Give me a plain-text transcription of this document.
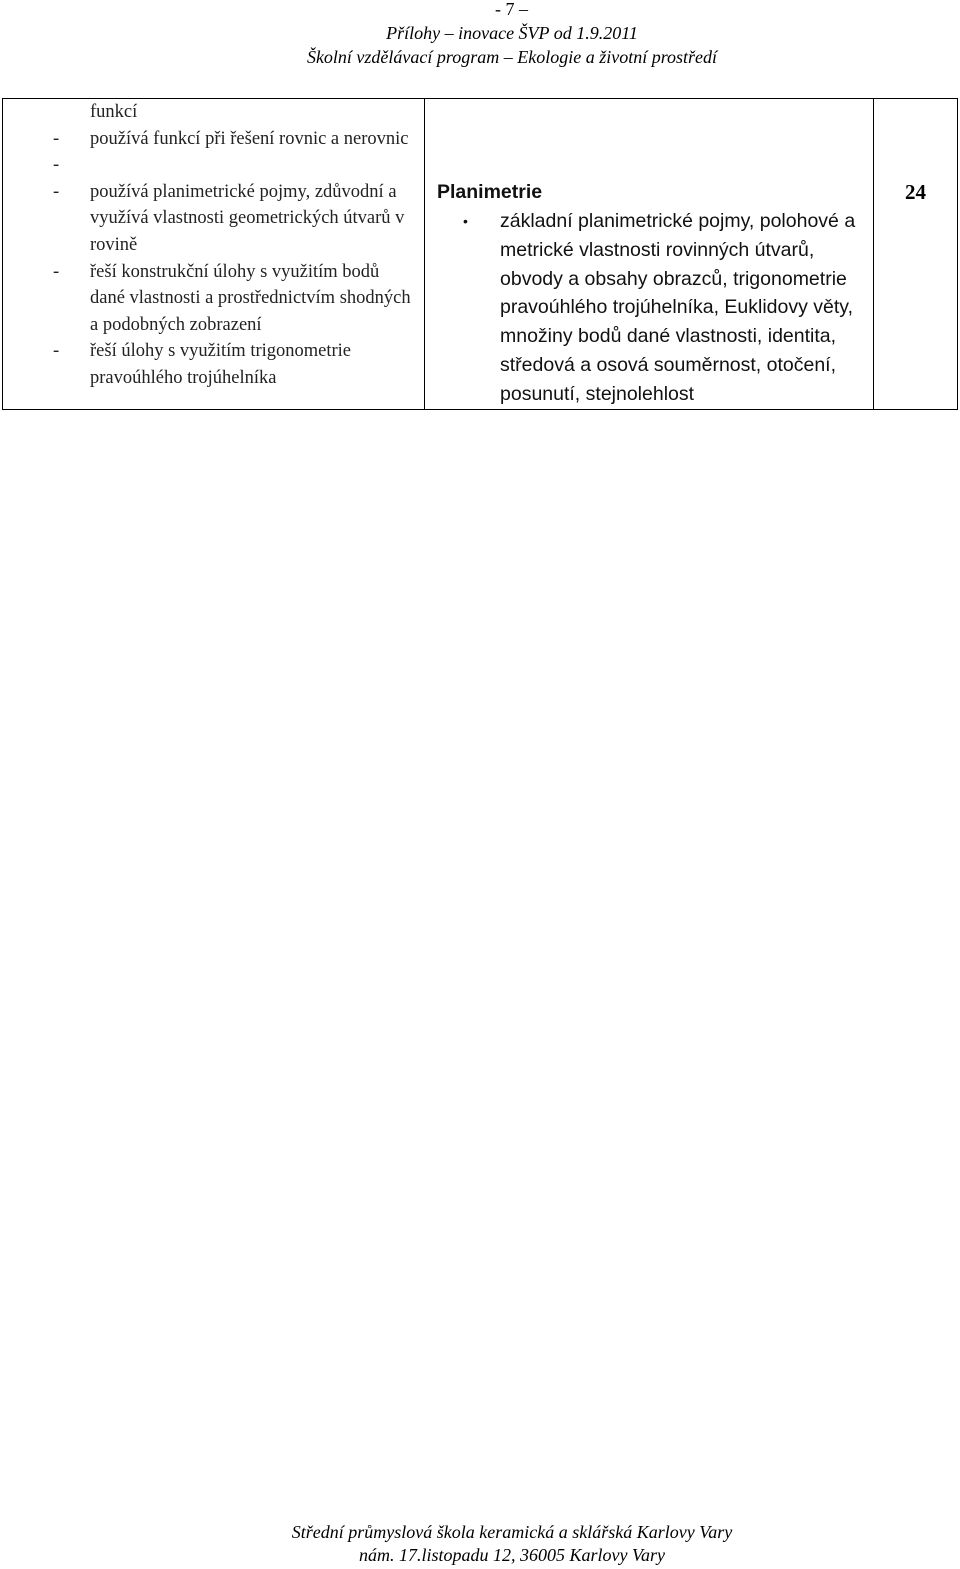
- 7 –
Přílohy – inovace ŠVP od 1.9.2011
Školní vzdělávací program – Ekologie a životní prostředí
funkcí
- používá funkcí při řešení rovnic a nerovnic
-
- používá planimetrické pojmy, zdůvodní a využívá vlastnosti geometrických útvarů v rovině
- řeší konstrukční úlohy s využitím bodů dané vlastnosti a prostřednictvím shodných a podobných zobrazení
- řeší úlohy s využitím trigonometrie pravoúhlého trojúhelníka

Planimetrie
• základní planimetrické pojmy, polohové a metrické vlastnosti rovinných útvarů, obvody a obsahy obrazců, trigonometrie pravoúhlého trojúhelníka, Euklidovy věty, množiny bodů dané vlastnosti, identita, středová a osová souměrnost, otočení, posunutí, stejnolehlost

24
Střední průmyslová škola keramická a sklářská Karlovy Vary
nám. 17.listopadu 12, 36005 Karlovy Vary
